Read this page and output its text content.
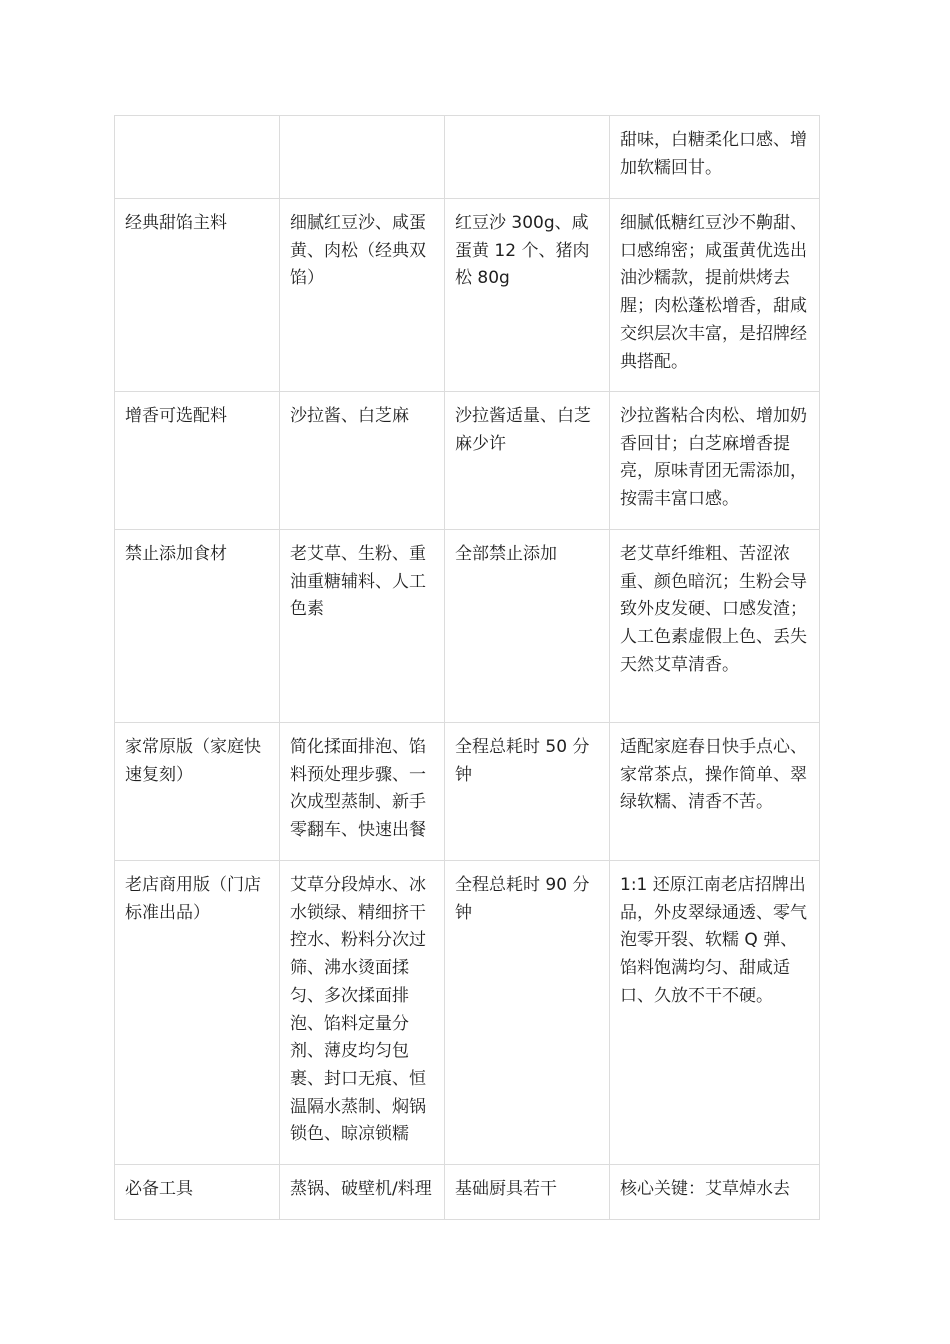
			甜味，白糖柔化口感、增加软糯回甘。
经典甜馅主料	细腻红豆沙、咸蛋黄、肉松（经典双馅）	红豆沙 300g、咸蛋黄 12 个、猪肉松 80g	细腻低糖红豆沙不齁甜、口感绵密；咸蛋黄优选出油沙糯款，提前烘烤去腥；肉松蓬松增香，甜咸交织层次丰富，是招牌经典搭配。
增香可选配料	沙拉酱、白芝麻	沙拉酱适量、白芝麻少许	沙拉酱粘合肉松、增加奶香回甘；白芝麻增香提亮，原味青团无需添加，按需丰富口感。
禁止添加食材	老艾草、生粉、重油重糖辅料、人工色素	全部禁止添加	老艾草纤维粗、苦涩浓重、颜色暗沉；生粉会导致外皮发硬、口感发渣；人工色素虚假上色、丢失天然艾草清香。
家常原版（家庭快速复刻）	简化揉面排泡、馅料预处理步骤、一次成型蒸制、新手零翻车、快速出餐	全程总耗时 50 分钟	适配家庭春日快手点心、家常茶点，操作简单、翠绿软糯、清香不苦。
老店商用版（门店标准出品）	艾草分段焯水、冰水锁绿、精细挤干控水、粉料分次过筛、沸水烫面揉匀、多次揉面排泡、馅料定量分剂、薄皮均匀包裹、封口无痕、恒温隔水蒸制、焖锅锁色、晾凉锁糯	全程总耗时 90 分钟	1:1 还原江南老店招牌出品，外皮翠绿通透、零气泡零开裂、软糯 Q 弹、馅料饱满均匀、甜咸适口、久放不干不硬。
必备工具	蒸锅、破壁机/料理	基础厨具若干	核心关键：艾草焯水去
